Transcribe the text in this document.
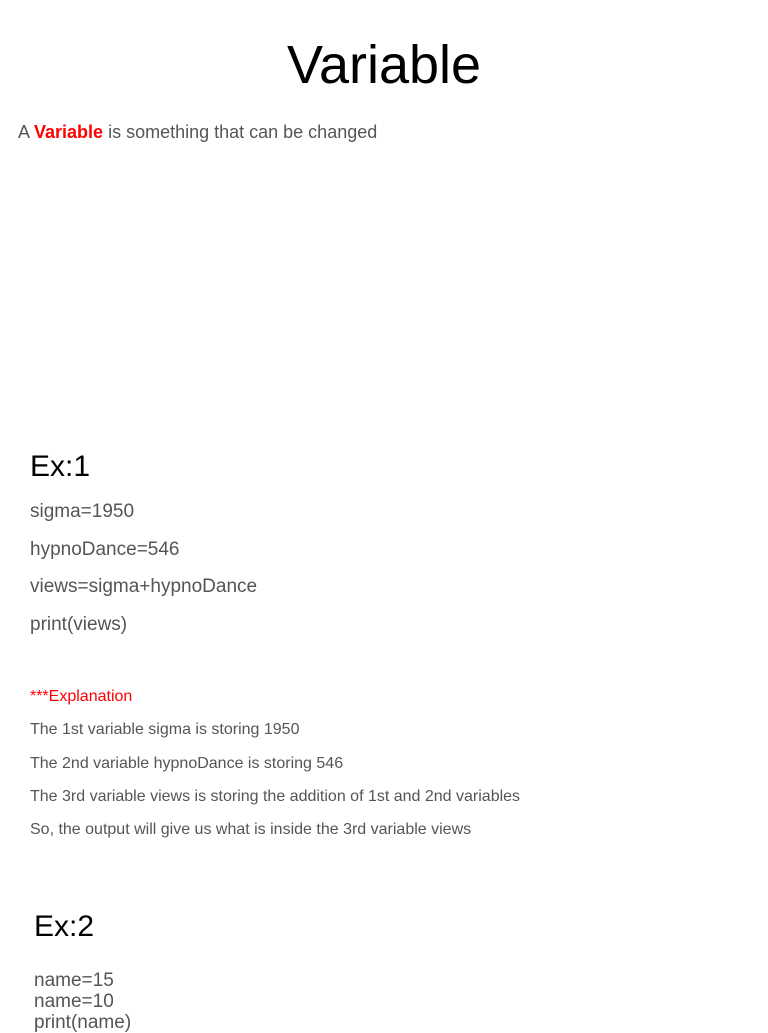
Variable

A Variable is something that can be changed

Ex:1
sigma=1950
hypnoDance=546
views=sigma+hypnoDance
print(views)
***Explanation
The 1st variable sigma is storing 1950
The 2nd variable hypnoDance is storing 546
The 3rd variable views is storing the addition of 1st and 2nd variables
So, the output will give us what is inside the 3rd variable views
Ex:2
name=15
name=10
print(name)
